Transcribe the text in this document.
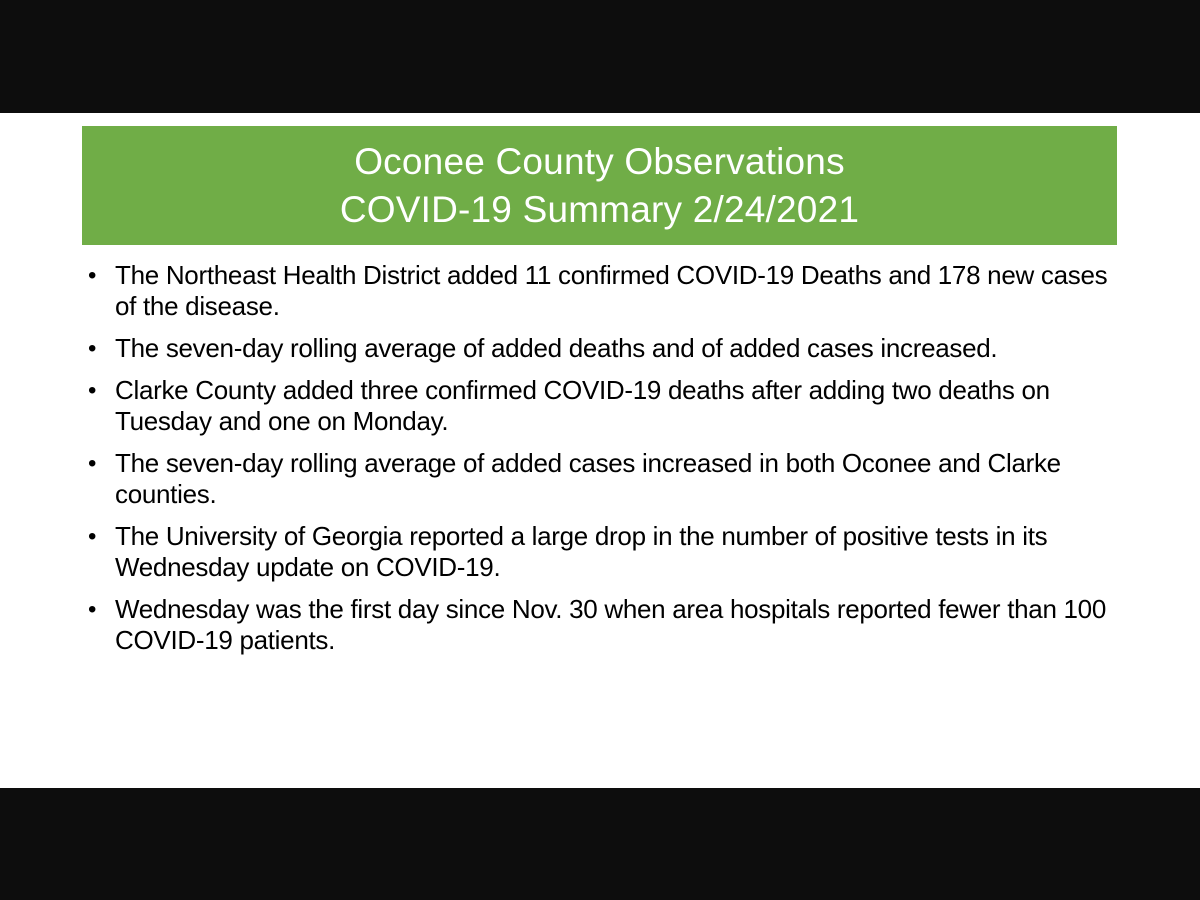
Oconee County Observations
COVID-19 Summary 2/24/2021
• The Northeast Health District added 11 confirmed COVID-19 Deaths and 178 new cases of the disease.
• The seven-day rolling average of added deaths and of added cases increased.
• Clarke County added three confirmed COVID-19 deaths after adding two deaths on Tuesday and one on Monday.
• The seven-day rolling average of added cases increased in both Oconee and Clarke counties.
• The University of Georgia reported a large drop in the number of positive tests in its Wednesday update on COVID-19.
• Wednesday was the first day since Nov. 30 when area hospitals reported fewer than 100 COVID-19 patients.
